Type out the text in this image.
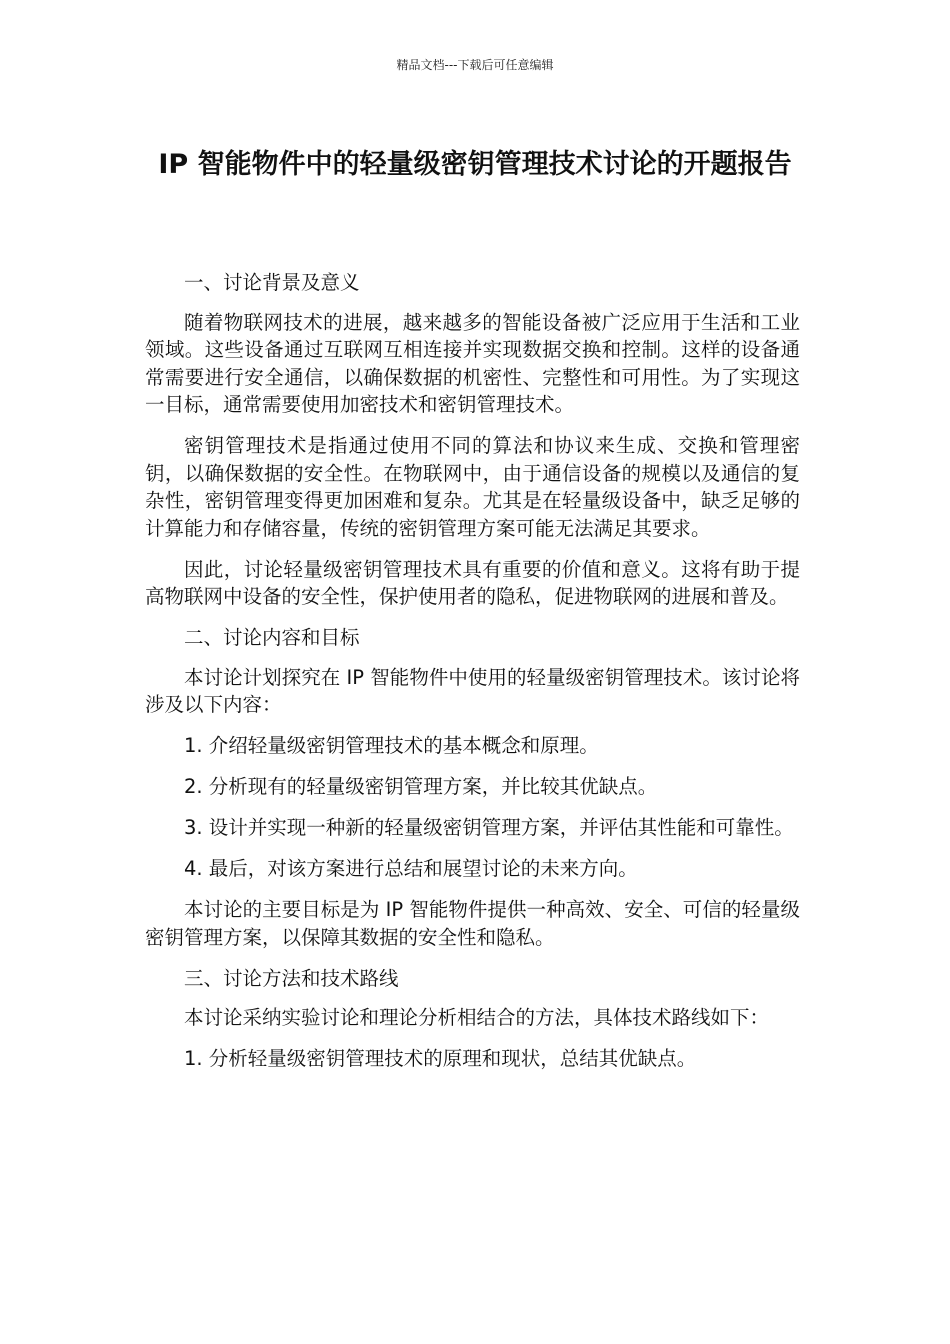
精品文档---下载后可任意编辑
IP 智能物件中的轻量级密钥管理技术讨论的开题报告

一、讨论背景及意义

随着物联网技术的进展，越来越多的智能设备被广泛应用于生活和工业领域。这些设备通过互联网互相连接并实现数据交换和控制。这样的设备通常需要进行安全通信，以确保数据的机密性、完整性和可用性。为了实现这一目标，通常需要使用加密技术和密钥管理技术。

密钥管理技术是指通过使用不同的算法和协议来生成、交换和管理密钥，以确保数据的安全性。在物联网中，由于通信设备的规模以及通信的复杂性，密钥管理变得更加困难和复杂。尤其是在轻量级设备中，缺乏足够的计算能力和存储容量，传统的密钥管理方案可能无法满足其要求。

因此，讨论轻量级密钥管理技术具有重要的价值和意义。这将有助于提高物联网中设备的安全性，保护使用者的隐私，促进物联网的进展和普及。

二、讨论内容和目标

本讨论计划探究在 IP 智能物件中使用的轻量级密钥管理技术。该讨论将涉及以下内容：

1. 介绍轻量级密钥管理技术的基本概念和原理。

2. 分析现有的轻量级密钥管理方案，并比较其优缺点。

3. 设计并实现一种新的轻量级密钥管理方案，并评估其性能和可靠性。

4. 最后，对该方案进行总结和展望讨论的未来方向。

本讨论的主要目标是为 IP 智能物件提供一种高效、安全、可信的轻量级密钥管理方案，以保障其数据的安全性和隐私。

三、讨论方法和技术路线

本讨论采纳实验讨论和理论分析相结合的方法，具体技术路线如下：

1. 分析轻量级密钥管理技术的原理和现状，总结其优缺点。
